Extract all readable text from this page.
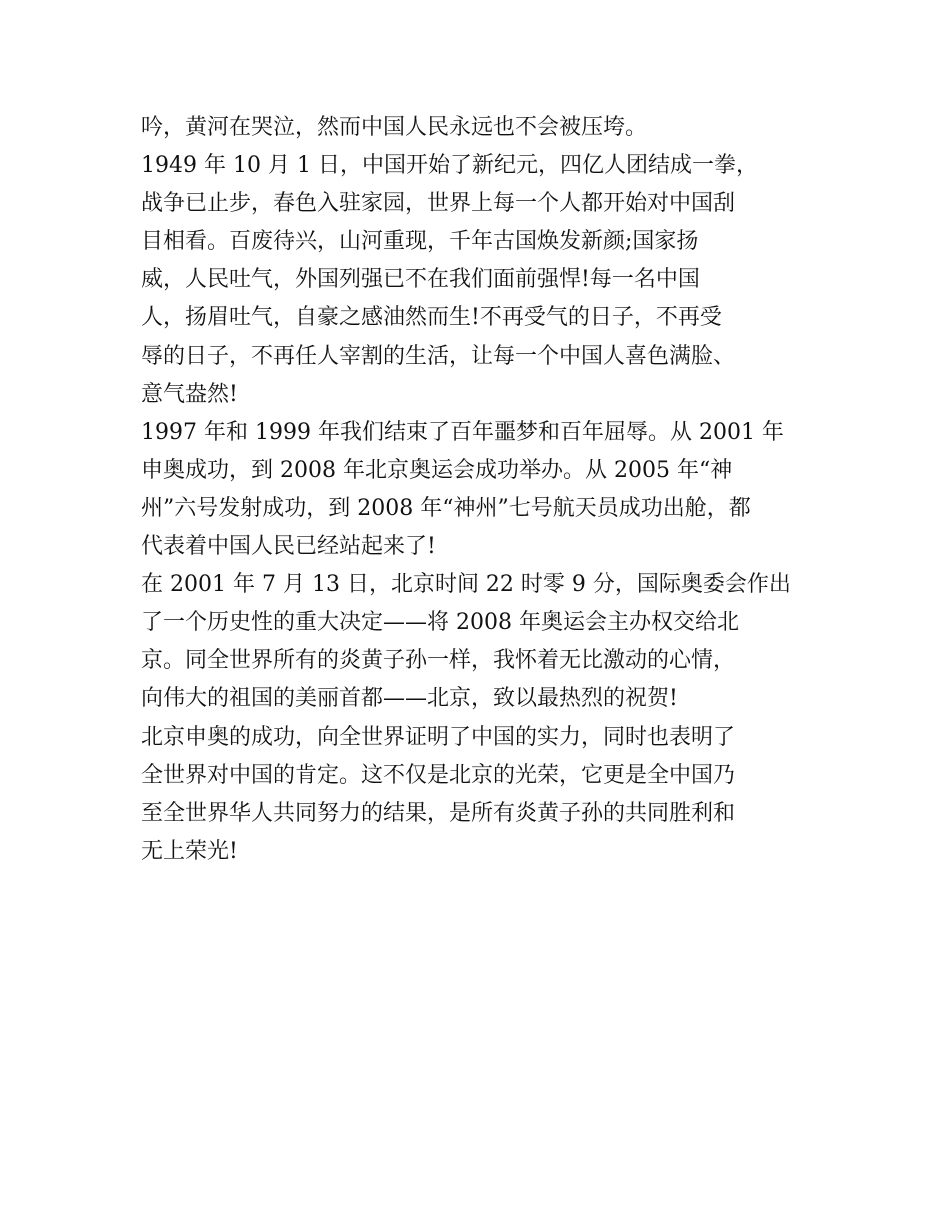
吟，黄河在哭泣，然而中国人民永远也不会被压垮。

1949 年 10 月 1 日，中国开始了新纪元，四亿人团结成一拳，

战争已止步，春色入驻家园，世界上每一个人都开始对中国刮

目相看。百废待兴，山河重现，千年古国焕发新颜;国家扬

威，人民吐气，外国列强已不在我们面前强悍!每一名中国

人，扬眉吐气，自豪之感油然而生!不再受气的日子，不再受

辱的日子，不再任人宰割的生活，让每一个中国人喜色满脸、

意气盎然!

1997 年和 1999 年我们结束了百年噩梦和百年屈辱。从 2001 年

申奥成功，到 2008 年北京奥运会成功举办。从 2005 年“神

州”六号发射成功，到 2008 年“神州”七号航天员成功出舱，都

代表着中国人民已经站起来了!

在 2001 年 7 月 13 日，北京时间 22 时零 9 分，国际奥委会作出

了一个历史性的重大决定——将 2008 年奥运会主办权交给北

京。同全世界所有的炎黄子孙一样，我怀着无比激动的心情，

向伟大的祖国的美丽首都——北京，致以最热烈的祝贺!

北京申奥的成功，向全世界证明了中国的实力，同时也表明了

全世界对中国的肯定。这不仅是北京的光荣，它更是全中国乃

至全世界华人共同努力的结果，是所有炎黄子孙的共同胜利和

无上荣光!
